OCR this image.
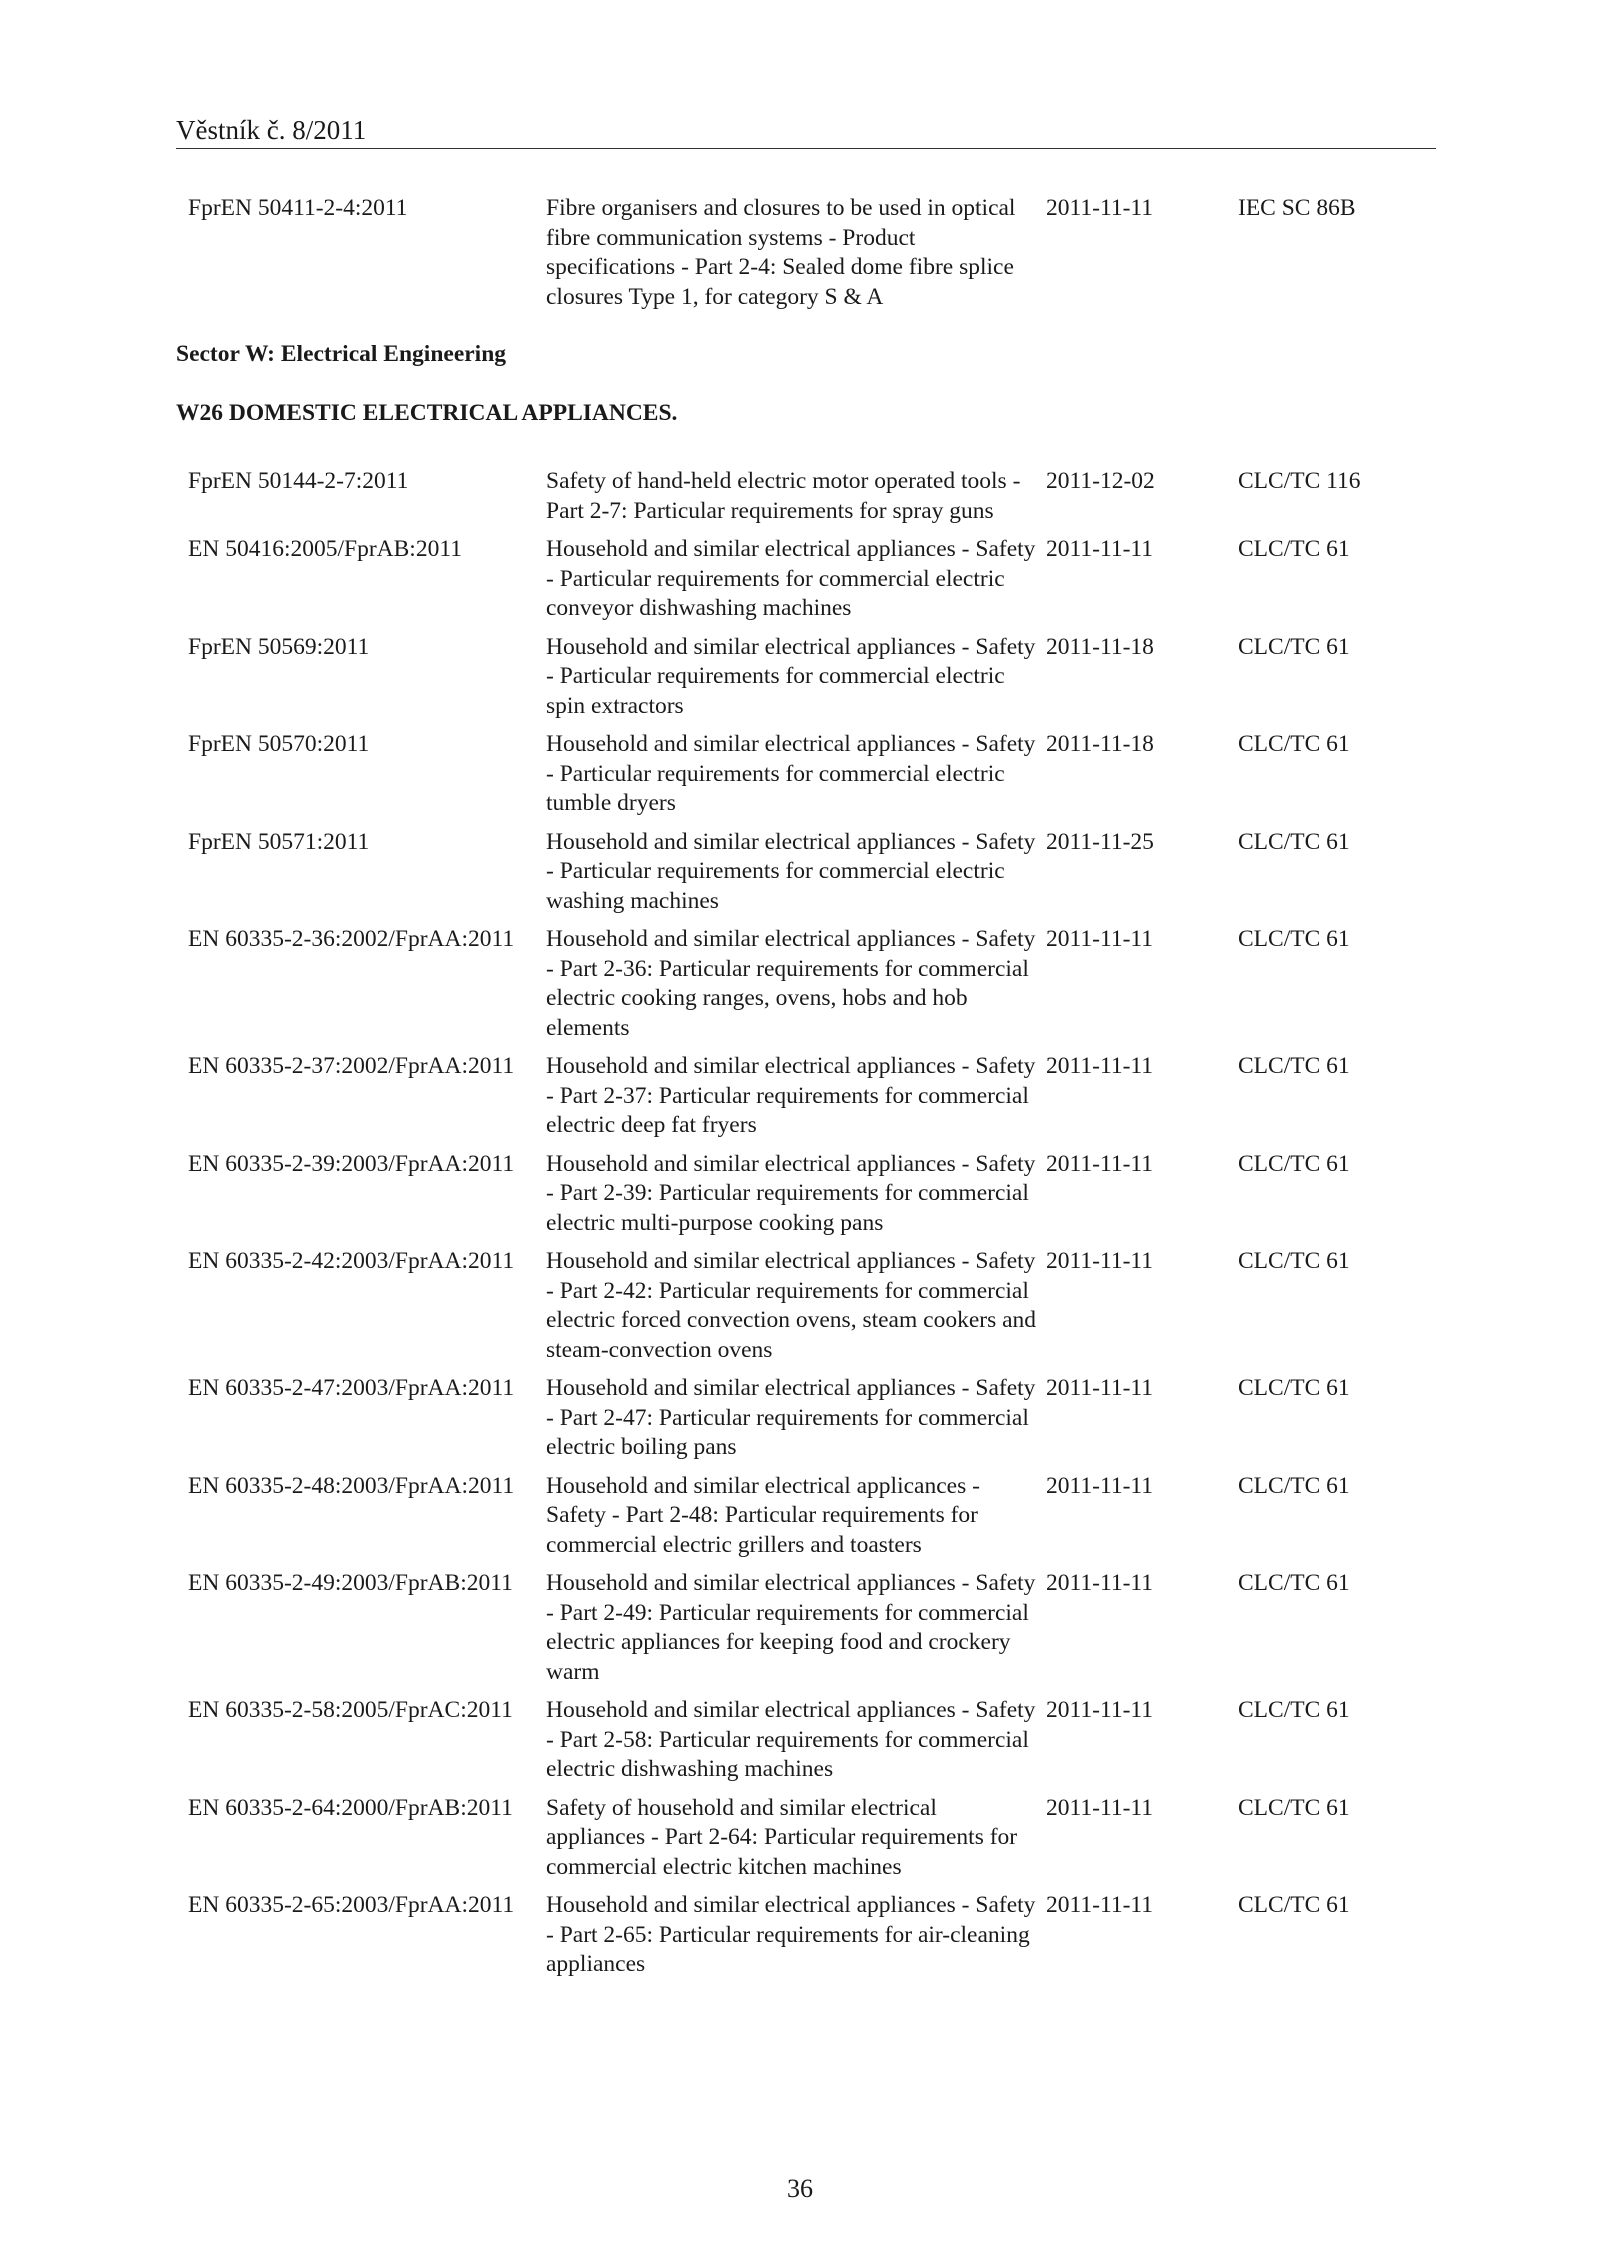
Věstník č. 8/2011
FprEN 50411-2-4:2011	Fibre organisers and closures to be used in optical fibre communication systems - Product specifications - Part 2-4: Sealed dome fibre splice closures Type 1, for category S & A	2011-11-11	IEC SC 86B
Sector W: Electrical Engineering
W26 DOMESTIC ELECTRICAL APPLIANCES.
FprEN 50144-2-7:2011	Safety of hand-held electric motor operated tools - Part 2-7: Particular requirements for spray guns	2011-12-02	CLC/TC 116
EN 50416:2005/FprAB:2011	Household and similar electrical appliances - Safety - Particular requirements for commercial electric conveyor dishwashing machines	2011-11-11	CLC/TC 61
FprEN 50569:2011	Household and similar electrical appliances - Safety - Particular requirements for commercial electric spin extractors	2011-11-18	CLC/TC 61
FprEN 50570:2011	Household and similar electrical appliances - Safety - Particular requirements for commercial electric tumble dryers	2011-11-18	CLC/TC 61
FprEN 50571:2011	Household and similar electrical appliances - Safety - Particular requirements for commercial electric washing machines	2011-11-25	CLC/TC 61
EN 60335-2-36:2002/FprAA:2011	Household and similar electrical appliances - Safety - Part 2-36: Particular requirements for commercial electric cooking ranges, ovens, hobs and hob elements	2011-11-11	CLC/TC 61
EN 60335-2-37:2002/FprAA:2011	Household and similar electrical appliances - Safety - Part 2-37: Particular requirements for commercial electric deep fat fryers	2011-11-11	CLC/TC 61
EN 60335-2-39:2003/FprAA:2011	Household and similar electrical appliances - Safety - Part 2-39: Particular requirements for commercial electric multi-purpose cooking pans	2011-11-11	CLC/TC 61
EN 60335-2-42:2003/FprAA:2011	Household and similar electrical appliances - Safety - Part 2-42: Particular requirements for commercial electric forced convection ovens, steam cookers and steam-convection ovens	2011-11-11	CLC/TC 61
EN 60335-2-47:2003/FprAA:2011	Household and similar electrical appliances - Safety - Part 2-47: Particular requirements for commercial electric boiling pans	2011-11-11	CLC/TC 61
EN 60335-2-48:2003/FprAA:2011	Household and similar electrical applicances - Safety - Part 2-48: Particular requirements for commercial electric grillers and toasters	2011-11-11	CLC/TC 61
EN 60335-2-49:2003/FprAB:2011	Household and similar electrical appliances - Safety - Part 2-49: Particular requirements for commercial electric appliances for keeping food and crockery warm	2011-11-11	CLC/TC 61
EN 60335-2-58:2005/FprAC:2011	Household and similar electrical appliances - Safety - Part 2-58: Particular requirements for commercial electric dishwashing machines	2011-11-11	CLC/TC 61
EN 60335-2-64:2000/FprAB:2011	Safety of household and similar electrical appliances - Part 2-64: Particular requirements for commercial electric kitchen machines	2011-11-11	CLC/TC 61
EN 60335-2-65:2003/FprAA:2011	Household and similar electrical appliances - Safety - Part 2-65: Particular requirements for air-cleaning appliances	2011-11-11	CLC/TC 61
36
